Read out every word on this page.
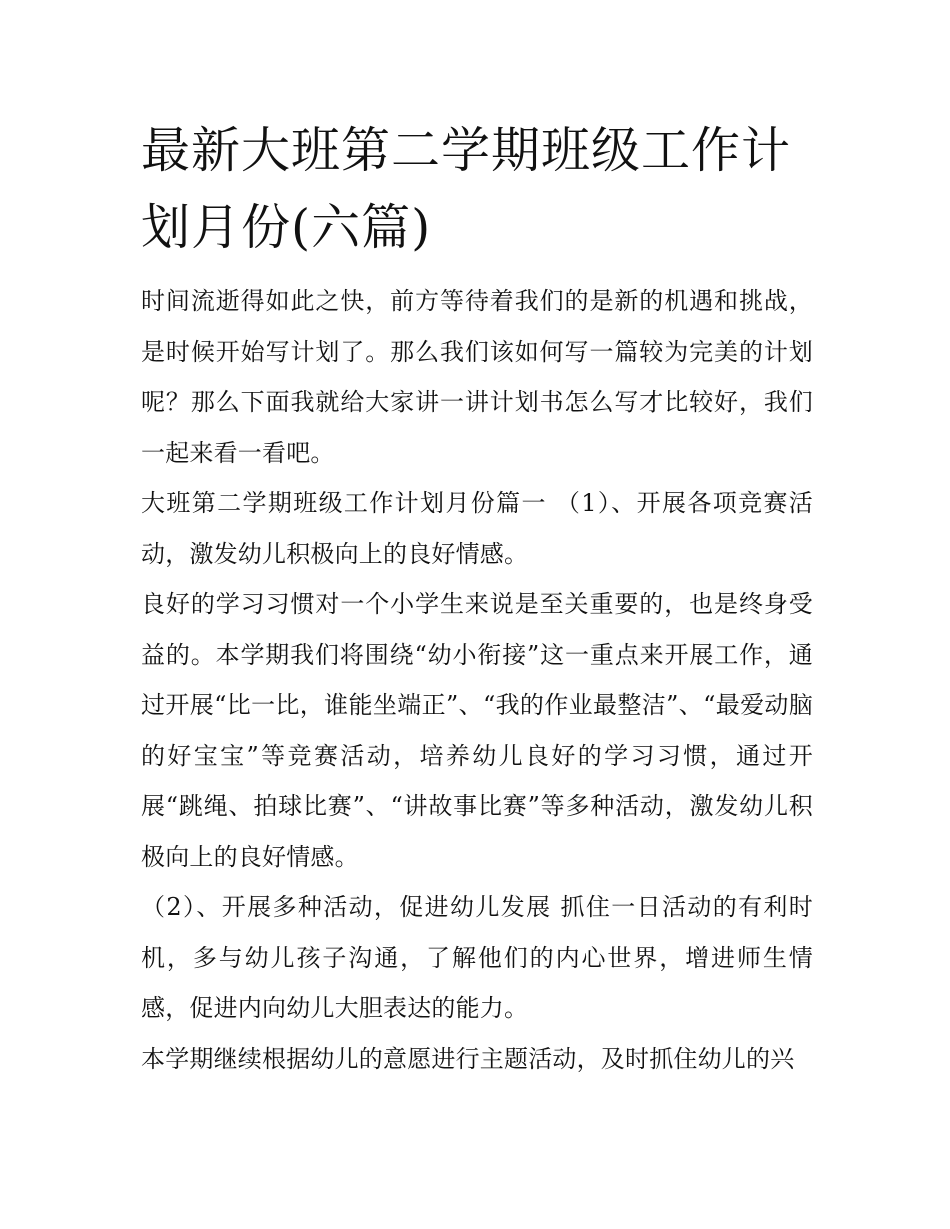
最新大班第二学期班级工作计划月份(六篇)

时间流逝得如此之快，前方等待着我们的是新的机遇和挑战，是时候开始写计划了。那么我们该如何写一篇较为完美的计划呢？那么下面我就给大家讲一讲计划书怎么写才比较好，我们一起来看一看吧。

大班第二学期班级工作计划月份篇一 （1）、开展各项竞赛活动，激发幼儿积极向上的良好情感。

良好的学习习惯对一个小学生来说是至关重要的，也是终身受益的。本学期我们将围绕“幼小衔接”这一重点来开展工作，通过开展“比一比，谁能坐端正”、“我的作业最整洁”、“最爱动脑的好宝宝”等竞赛活动，培养幼儿良好的学习习惯，通过开展“跳绳、拍球比赛”、“讲故事比赛”等多种活动，激发幼儿积极向上的良好情感。

（2）、开展多种活动，促进幼儿发展 抓住一日活动的有利时机，多与幼儿孩子沟通，了解他们的内心世界，增进师生情感，促进内向幼儿大胆表达的能力。

本学期继续根据幼儿的意愿进行主题活动，及时抓住幼儿的兴
